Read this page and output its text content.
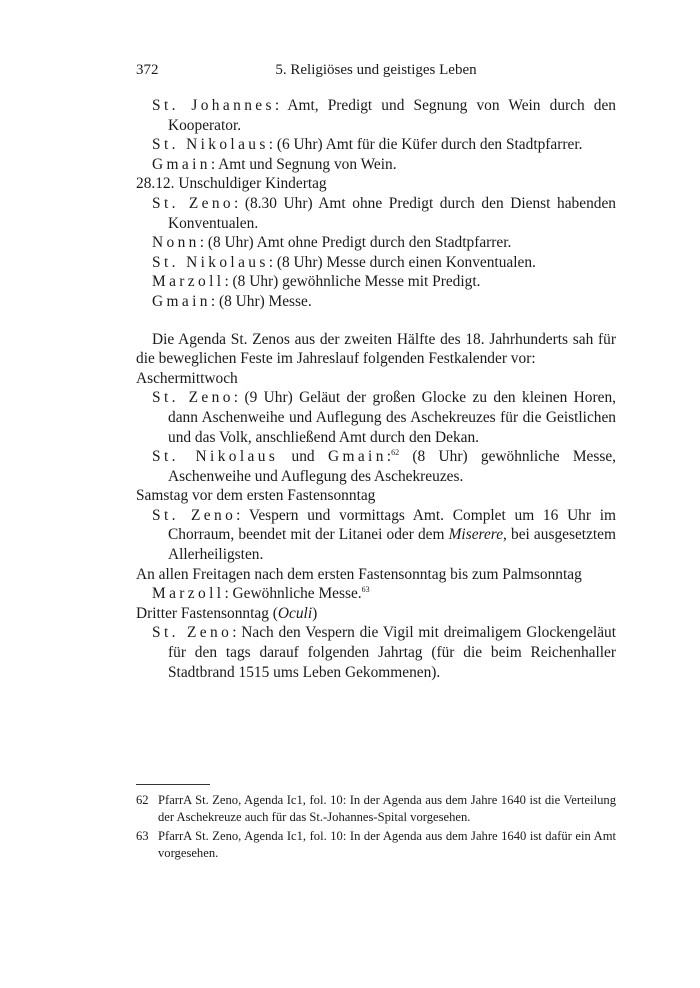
372	5. Religiöses und geistiges Leben

St. Johannes: Amt, Predigt und Segnung von Wein durch den Kooperator.

St. Nikolaus: (6 Uhr) Amt für die Küfer durch den Stadtpfarrer.

Gmain: Amt und Segnung von Wein.

28.12. Unschuldiger Kindertag

St. Zeno: (8.30 Uhr) Amt ohne Predigt durch den Dienst habenden Konventualen.

Nonn: (8 Uhr) Amt ohne Predigt durch den Stadtpfarrer.

St. Nikolaus: (8 Uhr) Messe durch einen Konventualen.

Marzoll: (8 Uhr) gewöhnliche Messe mit Predigt.

Gmain: (8 Uhr) Messe.

Die Agenda St. Zenos aus der zweiten Hälfte des 18. Jahrhunderts sah für die beweglichen Feste im Jahreslauf folgenden Festkalender vor:

Aschermittwoch

St. Zeno: (9 Uhr) Geläut der großen Glocke zu den kleinen Horen, dann Aschenweihe und Auflegung des Aschekreuzes für die Geistlichen und das Volk, anschließend Amt durch den Dekan.

St. Nikolaus und Gmain:$^{62}$ (8 Uhr) gewöhnliche Messe, Aschenweihe und Auflegung des Aschekreuzes.

Samstag vor dem ersten Fastensonntag

St. Zeno: Vespern und vormittags Amt. Complet um 16 Uhr im Chorraum, beendet mit der Litanei oder dem Miserere, bei ausgesetztem Allerheiligsten.

An allen Freitagen nach dem ersten Fastensonntag bis zum Palmsonntag

Marzoll: Gewöhnliche Messe.$^{63}$

Dritter Fastensonntag (Oculi)

St. Zeno: Nach den Vespern die Vigil mit dreimaligem Glockengeläut für den tags darauf folgenden Jahrtag (für die beim Reichenhaller Stadtbrand 1515 ums Leben Gekommenen).

62 PfarrA St. Zeno, Agenda Ic1, fol. 10: In der Agenda aus dem Jahre 1640 ist die Verteilung der Aschekreuze auch für das St.-Johannes-Spital vorgesehen.

63 PfarrA St. Zeno, Agenda Ic1, fol. 10: In der Agenda aus dem Jahre 1640 ist dafür ein Amt vorgesehen.
